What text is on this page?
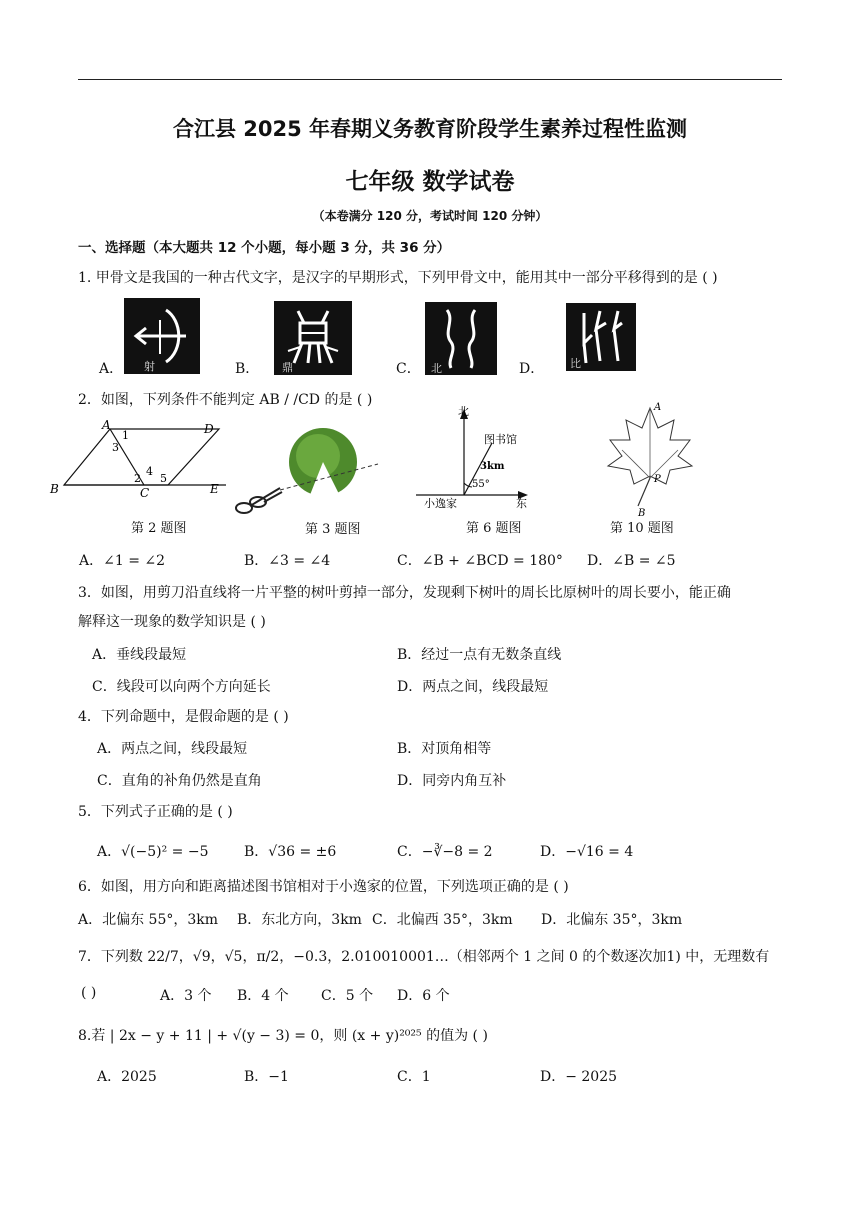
合江县 2025 年春期义务教育阶段学生素养过程性监测
七年级 数学试卷
（本卷满分 120 分，考试时间 120 分钟）
一、选择题（本大题共 12 个小题，每小题 3 分，共 36 分）
1. 甲骨文是我国的一种古代文字，是汉字的早期形式，下列甲骨文中，能用其中一部分平移得到的是 ( )
A． 射	B． 鼎	C． 北	D． 比
2．如图，下列条件不能判定 AB / /CD 的是 ( )
A	D
1
3
4
2 5
B	C	E
第 2 题图	第 3 题图
北
图书馆
3km
55°
小逸家	东
第 6 题图
A
P
B
第 10 题图
A．∠1 = ∠2	B．∠3 = ∠4	C．∠B + ∠BCD = 180° D．∠B = ∠5
3．如图，用剪刀沿直线将一片平整的树叶剪掉一部分，发现剩下树叶的周长比原树叶的周长要小，能正确
解释这一现象的数学知识是 ( )
A．垂线段最短	B．经过一点有无数条直线
C．线段可以向两个方向延长	D．两点之间，线段最短
4．下列命题中，是假命题的是 ( )
A．两点之间，线段最短	B．对顶角相等
C．直角的补角仍然是直角	D．同旁内角互补
5．下列式子正确的是 ( )
A．√(−5)² = −5	B．√36 = ±6	C．−∛−8 = 2	D．−√16 = 4
6．如图，用方向和距离描述图书馆相对于小逸家的位置，下列选项正确的是 ( )
A．北偏东 55°，3km B．东北方向，3km C．北偏西 35°，3km D．北偏东 35°，3km
7．下列数 22/7，√9，√5，π/2，−0.3，2.010010001…（相邻两个 1 之间 0 的个数逐次加1) 中，无理数有
( )	A．3 个 B．4 个 C．5 个 D．6 个
8.若 | 2x − y + 11 | + √(y − 3) = 0，则 (x + y)²⁰²⁵ 的值为 ( )
A．2025	B．−1	C．1	D．− 2025
